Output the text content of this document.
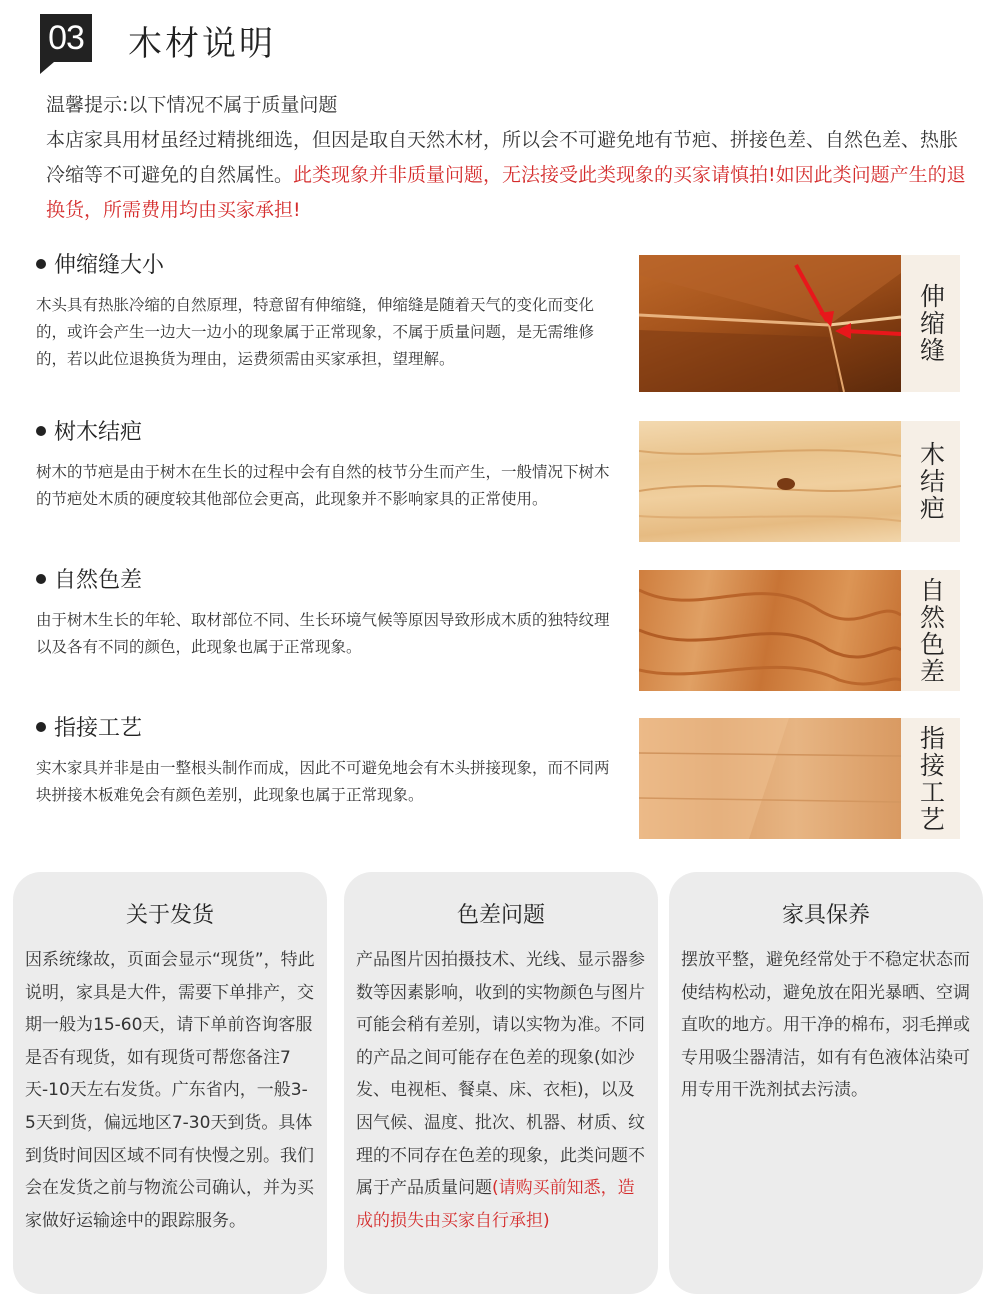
03 木材说明
温馨提示:以下情况不属于质量问题
本店家具用材虽经过精挑细选，但因是取自天然木材，所以会不可避免地有节疤、拼接色差、自然色差、热胀冷缩等不可避免的自然属性。此类现象并非质量问题，无法接受此类现象的买家请慎拍!如因此类问题产生的退换货，所需费用均由买家承担!
伸缩缝大小
木头具有热胀冷缩的自然原理，特意留有伸缩缝，伸缩缝是随着天气的变化而变化的，或许会产生一边大一边小的现象属于正常现象，不属于质量问题，是无需维修的，若以此位退换货为理由，运费须需由买家承担，望理解。	伸缩缝
树木结疤
树木的节疤是由于树木在生长的过程中会有自然的枝节分生而产生，一般情况下树木的节疤处木质的硬度较其他部位会更高，此现象并不影响家具的正常使用。	木结疤
自然色差
由于树木生长的年轮、取材部位不同、生长环境气候等原因导致形成木质的独特纹理以及各有不同的颜色，此现象也属于正常现象。	自然色差
指接工艺
实木家具并非是由一整根头制作而成，因此不可避免地会有木头拼接现象，而不同两块拼接木板难免会有颜色差别，此现象也属于正常现象。	指接工艺
关于发货
因系统缘故，页面会显示“现货”，特此说明，家具是大件，需要下单排产，交期一般为15-60天，请下单前咨询客服是否有现货，如有现货可帮您备注7天-10天左右发货。广东省内，一般3-5天到货，偏远地区7-30天到货。具体到货时间因区域不同有快慢之别。我们会在发货之前与物流公司确认，并为买家做好运输途中的跟踪服务。
色差问题
产品图片因拍摄技术、光线、显示器参数等因素影响，收到的实物颜色与图片可能会稍有差别，请以实物为准。不同的产品之间可能存在色差的现象(如沙发、电视柜、餐桌、床、衣柜)，以及因气候、温度、批次、机器、材质、纹理的不同存在色差的现象，此类问题不属于产品质量问题(请购买前知悉，造成的损失由买家自行承担)
家具保养
摆放平整，避免经常处于不稳定状态而使结构松动，避免放在阳光暴晒、空调直吹的地方。用干净的棉布，羽毛掸或专用吸尘器清洁，如有有色液体沾染可用专用干洗剂拭去污渍。
